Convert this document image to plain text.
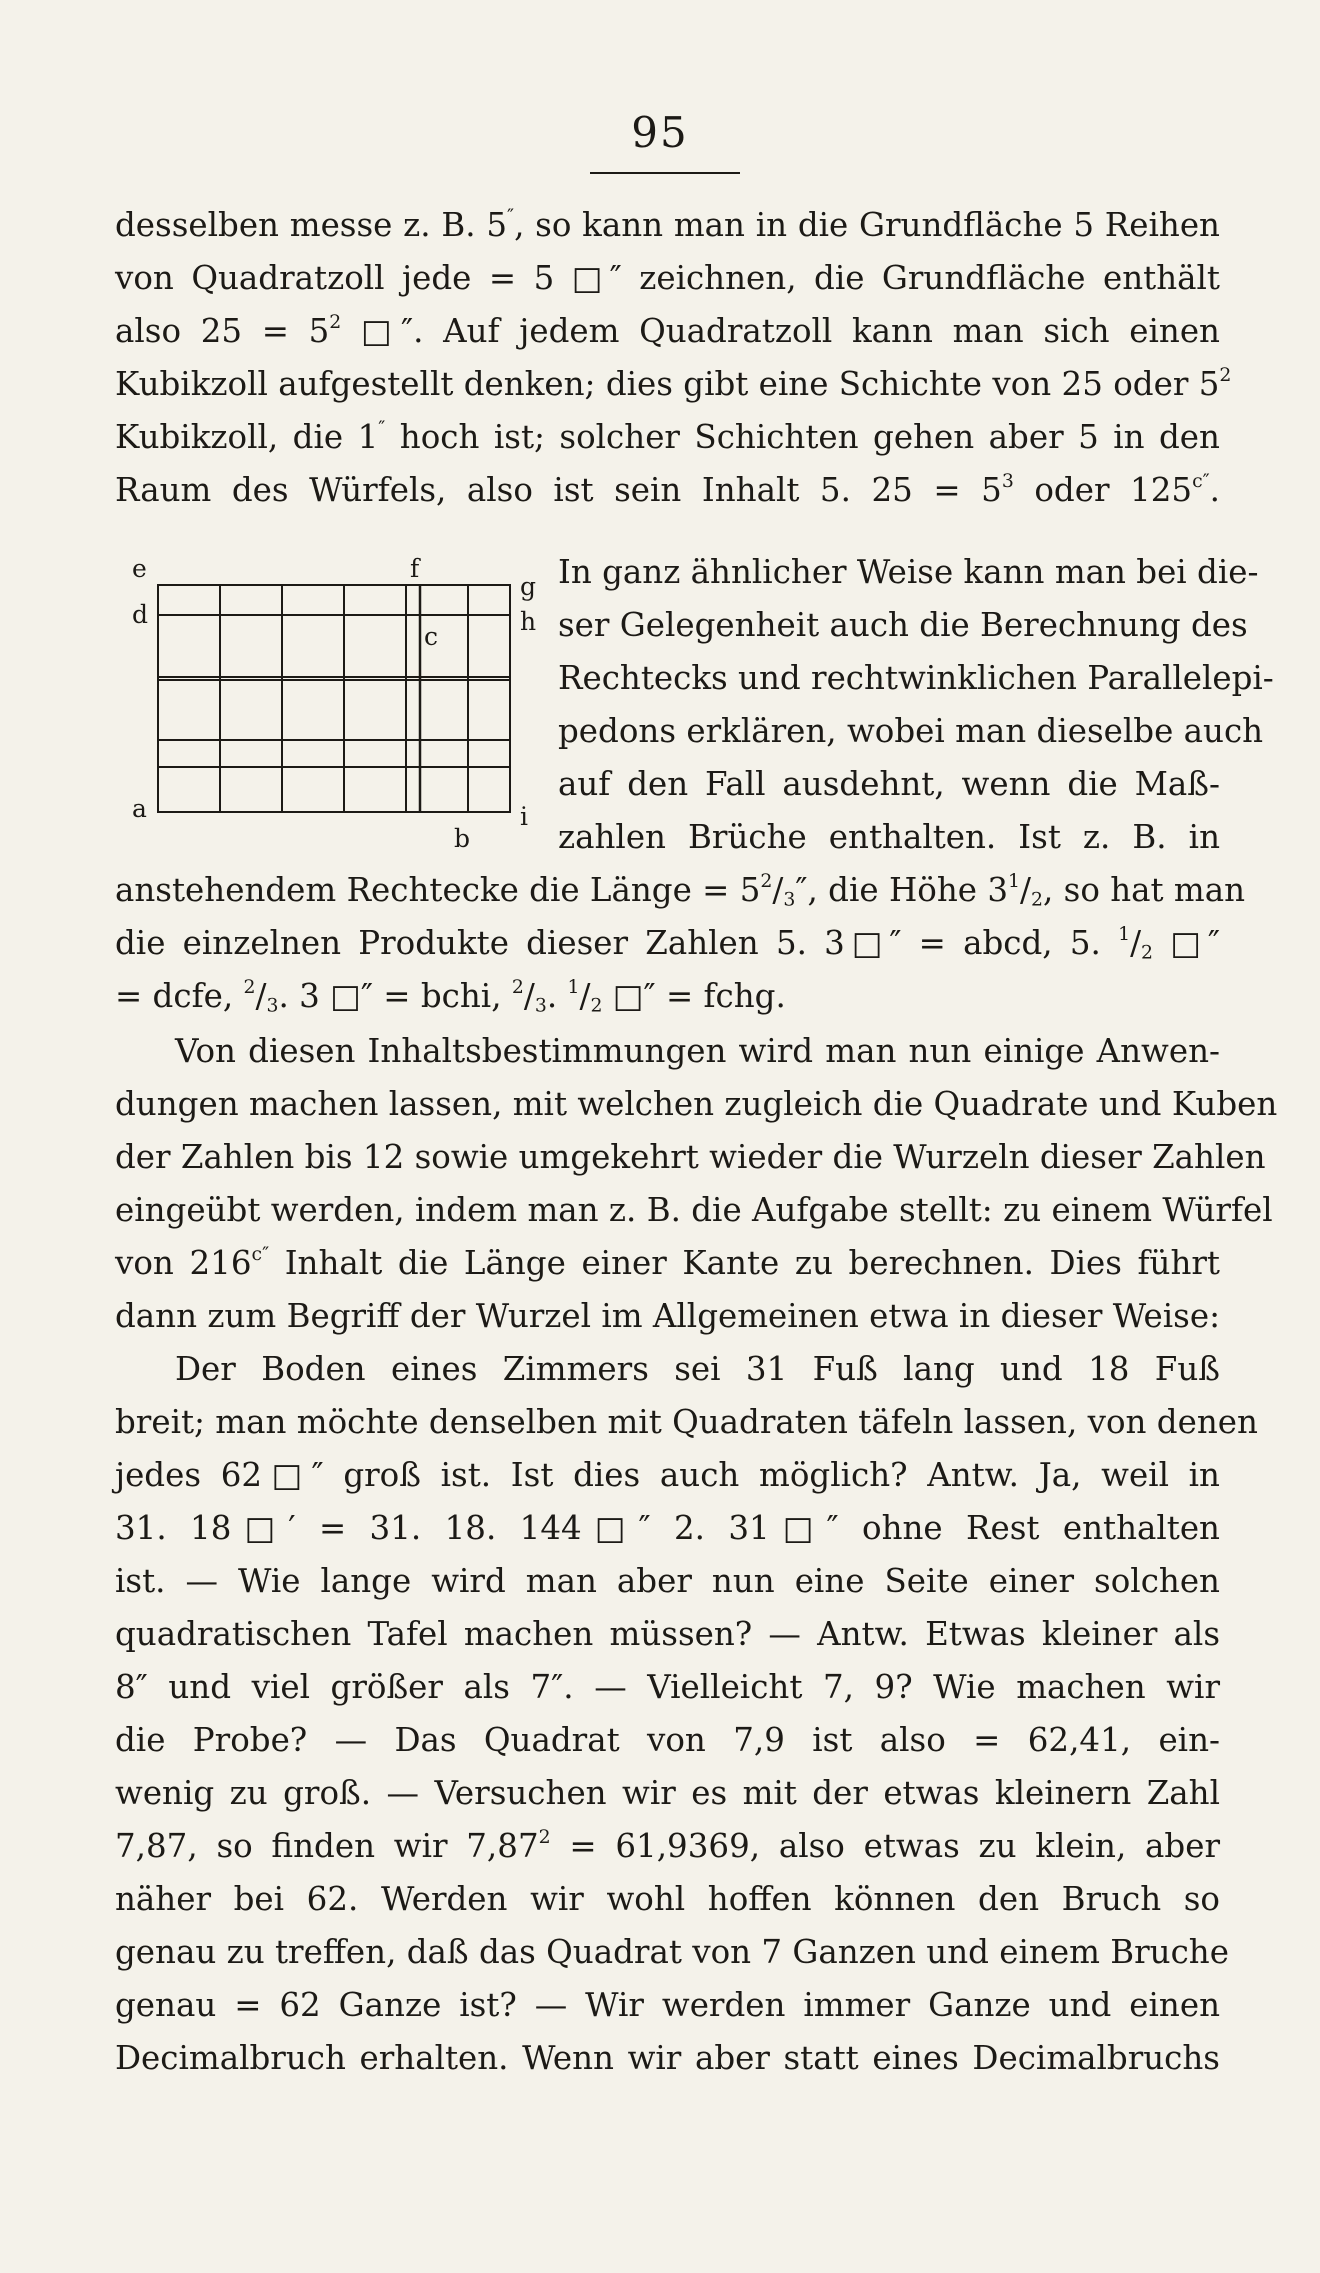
95
desselben messe z. B. 5″, so kann man in die Grundfläche 5 Reihen
von Quadratzoll jede = 5 □″ zeichnen, die Grundfläche enthält
also $25 = 5^2$ □″. Auf jedem Quadratzoll kann man sich einen
Kubikzoll aufgestellt denken; dies gibt eine Schichte von 25 oder $5^2$
Kubikzoll, die 1″ hoch ist; solcher Schichten gehen aber 5 in den
Raum des Würfels, also ist sein Inhalt 5. $25 = 5^3$ oder $125^{c''}$.
e	f
g
d	h
c
a
b
i
In ganz ähnlicher Weise kann man bei die-
ser Gelegenheit auch die Berechnung des
Rechtecks und rechtwinklichen Parallelepi-
pedons erklären, wobei man dieselbe auch
auf den Fall ausdehnt, wenn die Maß-
zahlen Brüche enthalten. Ist z. B. in
anstehendem Rechtecke die Länge = $5^2/_3''$, die Höhe $3^1/_2$, so hat man
die einzelnen Produkte dieser Zahlen 5. 3□″ = abcd, 5. $^1/_2$ □″
= dcfe, $^2/_3$. 3 □″ = bchi, $^2/_3$. $^1/_2$ □″ = fchg.
Von diesen Inhaltsbestimmungen wird man nun einige Anwen-
dungen machen lassen, mit welchen zugleich die Quadrate und Kuben
der Zahlen bis 12 sowie umgekehrt wieder die Wurzeln dieser Zahlen
eingeübt werden, indem man z. B. die Aufgabe stellt: zu einem Würfel
von $216^{c''}$ Inhalt die Länge einer Kante zu berechnen. Dies führt
dann zum Begriff der Wurzel im Allgemeinen etwa in dieser Weise:
Der Boden eines Zimmers sei 31 Fuß lang und 18 Fuß
breit; man möchte denselben mit Quadraten täfeln lassen, von denen
jedes 62□″ groß ist. Ist dies auch möglich? Antw. Ja, weil in
31. 18□′ = 31. 18. 144□″ 2. 31□″ ohne Rest enthalten
ist. — Wie lange wird man aber nun eine Seite einer solchen
quadratischen Tafel machen müssen? — Antw. Etwas kleiner als
8″ und viel größer als 7″. — Vielleicht 7, 9? Wie machen wir
die Probe? — Das Quadrat von 7,9 ist also = 62,41, ein-
wenig zu groß. — Versuchen wir es mit der etwas kleinern Zahl
7,87, so finden wir $7,87^2 = 61,9369$, also etwas zu klein, aber
näher bei 62. Werden wir wohl hoffen können den Bruch so
genau zu treffen, daß das Quadrat von 7 Ganzen und einem Bruche
genau = 62 Ganze ist? — Wir werden immer Ganze und einen
Decimalbruch erhalten. Wenn wir aber statt eines Decimalbruchs
